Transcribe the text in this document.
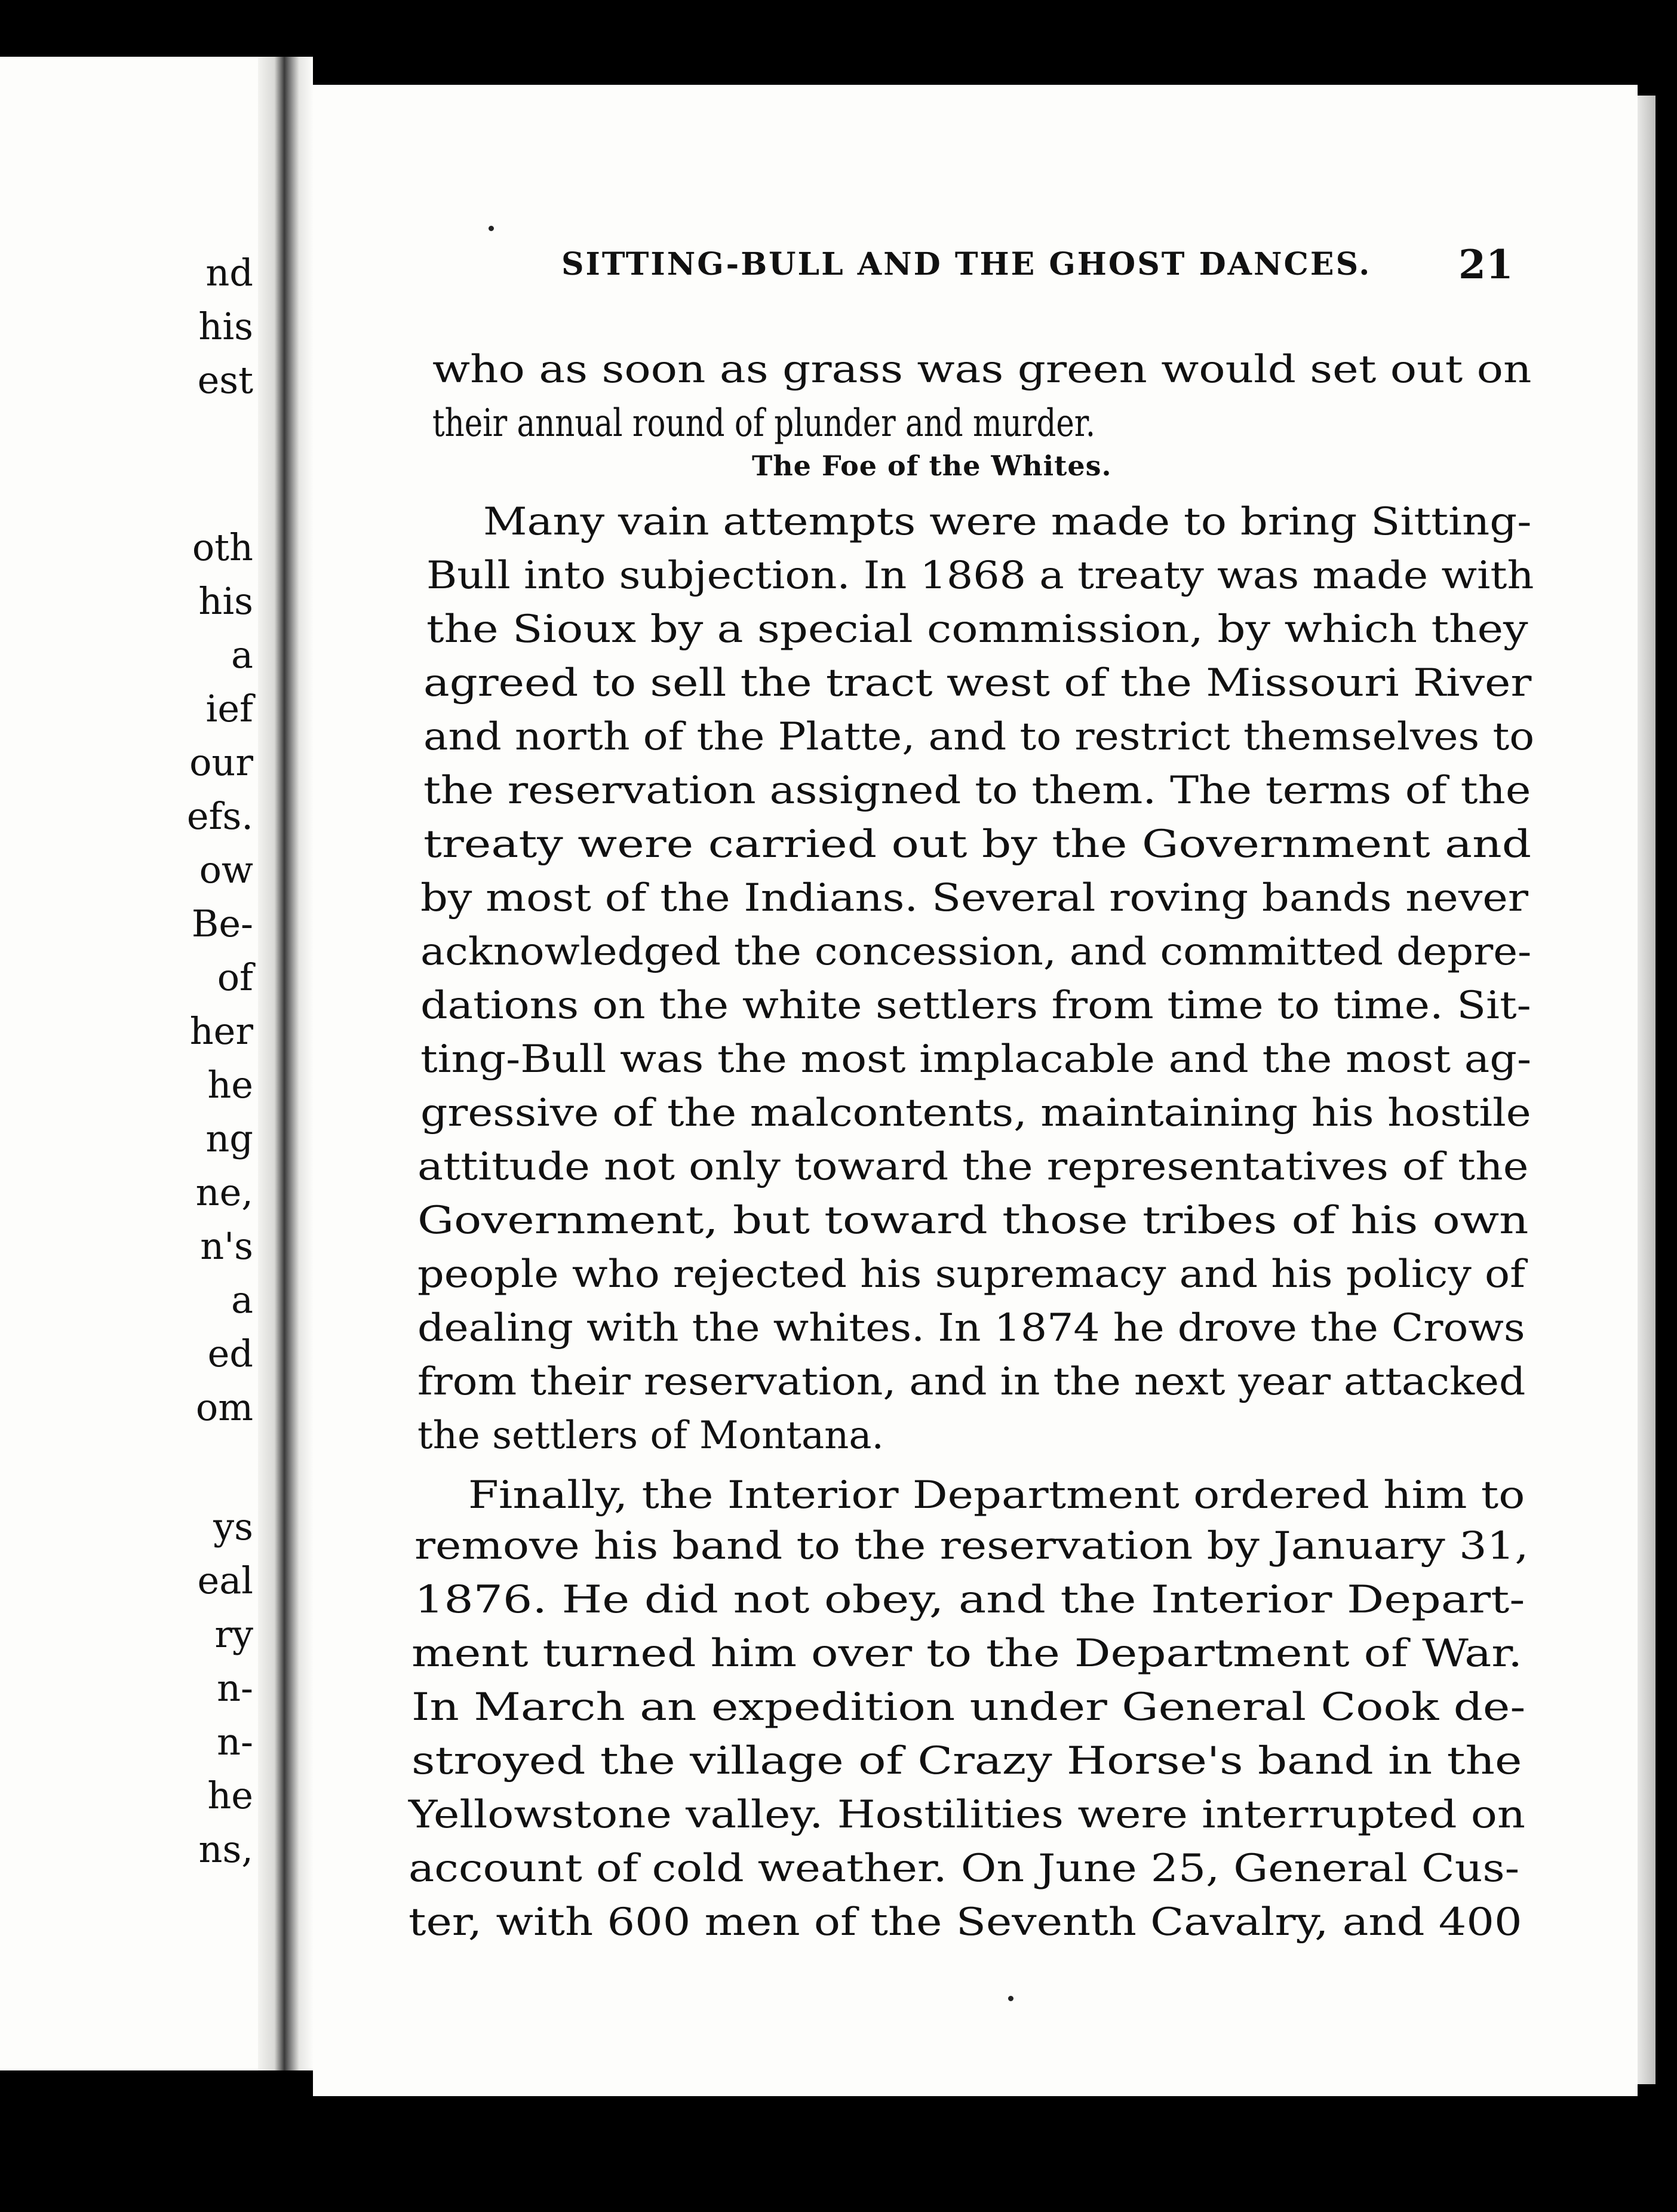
nd
his
est
oth
his
a
ief
our
efs.
ow
Be-
of
her
he
ng
ne,
n's
a
ed
om
ys
eal
ry
n-
n-
he
ns,
SITTING-BULL AND THE GHOST DANCES.	21
who as soon as grass was green would set out on
their annual round of plunder and murder.
The Foe of the Whites.
Many vain attempts were made to bring Sitting-
Bull into subjection. In 1868 a treaty was made with
the Sioux by a special commission, by which they
agreed to sell the tract west of the Missouri River
and north of the Platte, and to restrict themselves to
the reservation assigned to them. The terms of the
treaty were carried out by the Government and
by most of the Indians. Several roving bands never
acknowledged the concession, and committed depre-
dations on the white settlers from time to time. Sit-
ting-Bull was the most implacable and the most ag-
gressive of the malcontents, maintaining his hostile
attitude not only toward the representatives of the
Government, but toward those tribes of his own
people who rejected his supremacy and his policy of
dealing with the whites. In 1874 he drove the Crows
from their reservation, and in the next year attacked
the settlers of Montana.
Finally, the Interior Department ordered him to
remove his band to the reservation by January 31,
1876. He did not obey, and the Interior Depart-
ment turned him over to the Department of War.
In March an expedition under General Cook de-
stroyed the village of Crazy Horse's band in the
Yellowstone valley. Hostilities were interrupted on
account of cold weather. On June 25, General Cus-
ter, with 600 men of the Seventh Cavalry, and 400
